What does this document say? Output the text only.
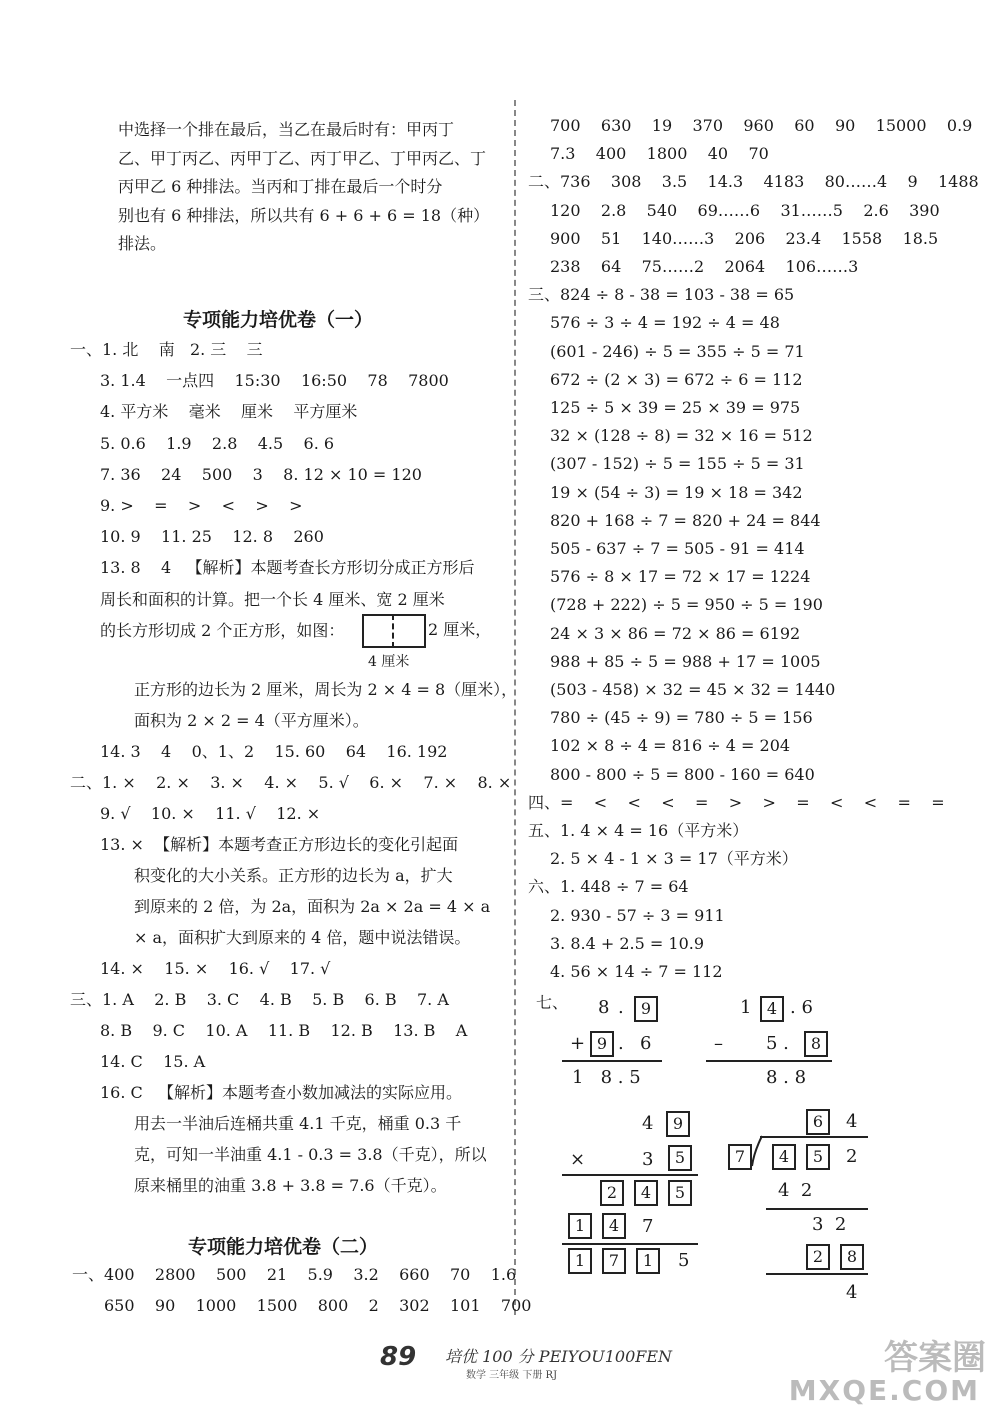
中选择一个排在最后，当乙在最后时有：甲丙丁
乙、甲丁丙乙、丙甲丁乙、丙丁甲乙、丁甲丙乙、丁
丙甲乙 6 种排法。当丙和丁排在最后一个时分
别也有 6 种排法，所以共有 6 + 6 + 6 = 18（种）
排法。
专项能力培优卷（一）
一、1. 北    南   2. 三    三
3. 1.4    一点四    15:30    16:50    78    7800
4. 平方米    毫米    厘米    平方厘米
5. 0.6    1.9    2.8    4.5    6. 6
7. 36    24    500    3    8. 12 × 10 = 120
9. >    =    >    <    >    >
10. 9    11. 25    12. 8    260
13. 8    4   【解析】本题考查长方形切分成正方形后
周长和面积的计算。把一个长 4 厘米、宽 2 厘米
的长方形切成 2 个正方形，如图：	2 厘米，
4 厘米
正方形的边长为 2 厘米，周长为 2 × 4 = 8（厘米），
面积为 2 × 2 = 4（平方厘米）。
14. 3    4    0、1、2    15. 60    64    16. 192
二、1. ×    2. ×    3. ×    4. ×    5. √    6. ×    7. ×    8. ×
9. √    10. ×    11. √    12. ×
13. ×  【解析】本题考查正方形边长的变化引起面
积变化的大小关系。正方形的边长为 a，扩大
到原来的 2 倍，为 2a，面积为 2a × 2a = 4 × a
× a，面积扩大到原来的 4 倍，题中说法错误。
14. ×    15. ×    16. √    17. √
三、1. A    2. B    3. C    4. B    5. B    6. B    7. A
8. B    9. C    10. A    11. B    12. B    13. B    A
14. C    15. A
16. C   【解析】本题考查小数加减法的实际应用。
用去一半油后连桶共重 4.1 千克，桶重 0.3 千
克，可知一半油重 4.1 - 0.3 = 3.8（千克），所以
原来桶里的油重 3.8 + 3.8 = 7.6（千克）。
专项能力培优卷（二）
一、400    2800    500    21    5.9    3.2    660    70    1.6
650    90    1000    1500    800    2    302    101    700
700    630    19    370    960    60    90    15000    0.9
7.3    400    1800    40    70
二、736    308    3.5    14.3    4183    80……4    9    1488
120    2.8    540    69……6    31……5    2.6    390
900    51    140……3    206    23.4    1558    18.5
238    64    75……2    2064    106……3
三、824 ÷ 8 - 38 = 103 - 38 = 65
576 ÷ 3 ÷ 4 = 192 ÷ 4 = 48
(601 - 246) ÷ 5 = 355 ÷ 5 = 71
672 ÷ (2 × 3) = 672 ÷ 6 = 112
125 ÷ 5 × 39 = 25 × 39 = 975
32 × (128 ÷ 8) = 32 × 16 = 512
(307 - 152) ÷ 5 = 155 ÷ 5 = 31
19 × (54 ÷ 3) = 19 × 18 = 342
820 + 168 ÷ 7 = 820 + 24 = 844
505 - 637 ÷ 7 = 505 - 91 = 414
576 ÷ 8 × 17 = 72 × 17 = 1224
(728 + 222) ÷ 5 = 950 ÷ 5 = 190
24 × 3 × 86 = 72 × 86 = 6192
988 + 85 ÷ 5 = 988 + 17 = 1005
(503 - 458) × 32 = 45 × 32 = 1440
780 ÷ (45 ÷ 9) = 780 ÷ 5 = 156
102 × 8 ÷ 4 = 816 ÷ 4 = 204
800 - 800 ÷ 5 = 800 - 160 = 640
四、=    <    <    <    =    >    >    =    <    <    =    =
五、1. 4 × 4 = 16（平方米）
2. 5 × 4 - 1 × 3 = 17（平方米）
六、1. 448 ÷ 7 = 64
2. 930 - 57 ÷ 3 = 911
3. 8.4 + 2.5 = 10.9
4. 56 × 14 ÷ 7 = 112
七、 8 .	9
+ 9 . 6
1   8 . 5
1 4 . 6
– 5 .	8
8 . 8
4	9
×	3	5
2	4	5
1	4	7
1	7	1	5
6	4
7	4	5	2
4  2
3  2
2	8
4
89 培优 100 分 PEIYOU100FEN
数学 三年级 下册 RJ	答案圈
MXQE.COM
